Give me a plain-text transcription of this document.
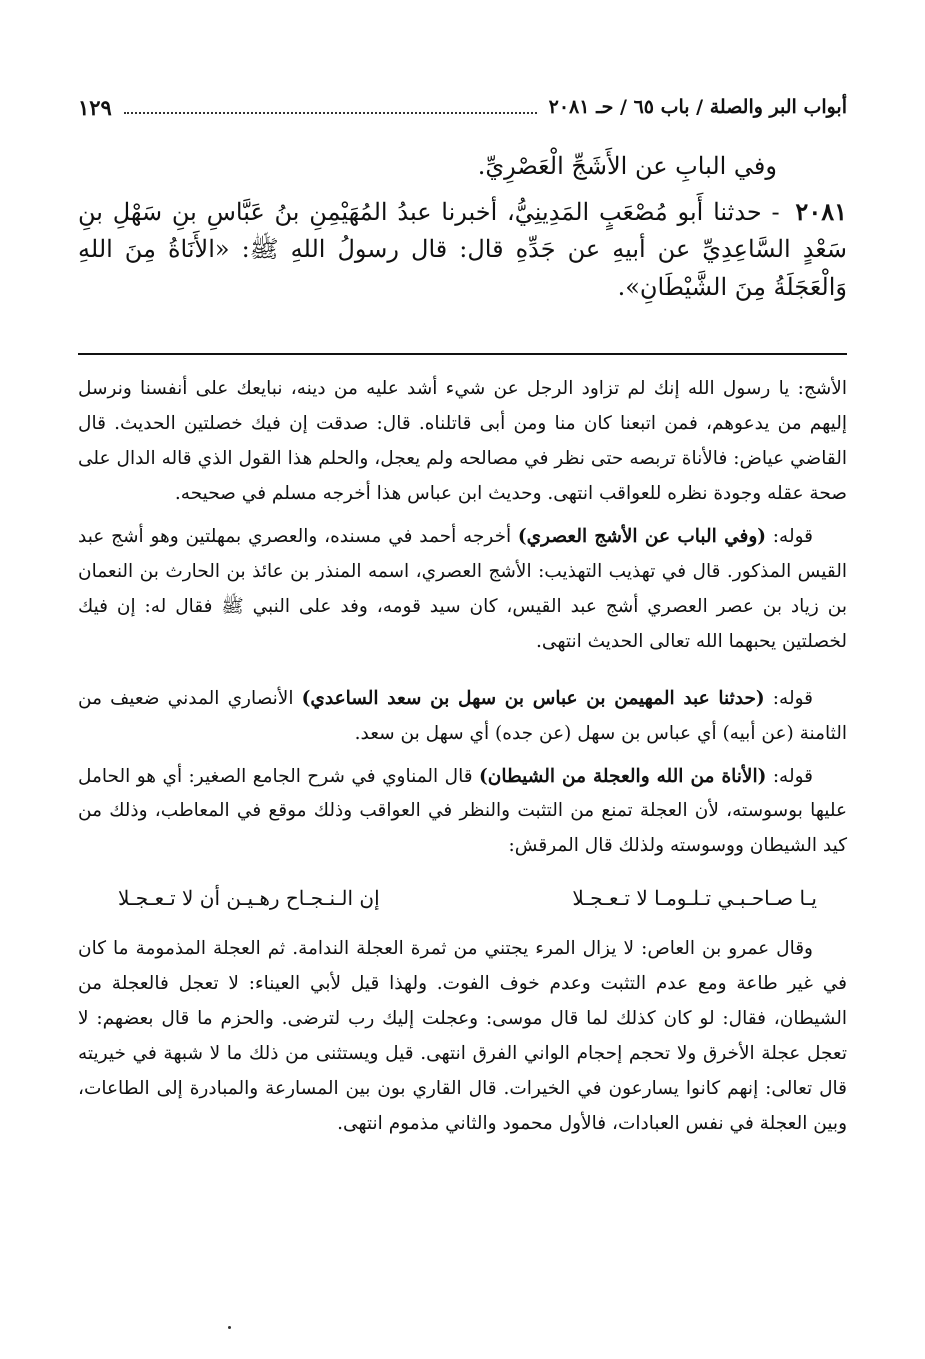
أبواب البر والصلة / باب ٦٥ / حـ ٢٠٨١
١٢٩

وفي البابِ عن الأَشَجِّ الْعَصْرِيِّ.

٢٠٨١ - حدثنا أَبو مُصْعَبٍ المَدِينِيُّ، أخبرنا عبدُ المُهَيْمِنِ بنُ عَبَّاسِ بنِ سَهْلِ بنِ سَعْدٍ السَّاعِدِيِّ عن أبيهِ عن جَدِّهِ قال: قال رسولُ اللهِ ﷺ: «الأَنَاةُ مِنَ اللهِ وَالْعَجَلَةُ مِنَ الشَّيْطَانِ».

الأشج: يا رسول الله إنك لم تزاود الرجل عن شيء أشد عليه من دينه، نبايعك على أنفسنا ونرسل إليهم من يدعوهم، فمن اتبعنا كان منا ومن أبى قاتلناه. قال: صدقت إن فيك خصلتين الحديث. قال القاضي عياض: فالأناة تربصه حتى نظر في مصالحه ولم يعجل، والحلم هذا القول الذي قاله الدال على صحة عقله وجودة نظره للعواقب انتهى. وحديث ابن عباس هذا أخرجه مسلم في صحيحه.

قوله: (وفي الباب عن الأشج العصري) أخرجه أحمد في مسنده، والعصري بمهلتين وهو أشج عبد القيس المذكور. قال في تهذيب التهذيب: الأشج العصري، اسمه المنذر بن عائذ بن الحارث بن النعمان بن زياد بن عصر العصري أشج عبد القيس، كان سيد قومه، وفد على النبي ﷺ فقال له: إن فيك لخصلتين يحبهما الله تعالى الحديث انتهى.

قوله: (حدثنا عبد المهيمن بن عباس بن سهل بن سعد الساعدي) الأنصاري المدني ضعيف من الثامنة (عن أبيه) أي عباس بن سهل (عن جده) أي سهل بن سعد.

قوله: (الأناة من الله والعجلة من الشيطان) قال المناوي في شرح الجامع الصغير: أي هو الحامل عليها بوسوسته، لأن العجلة تمنع من التثبت والنظر في العواقب وذلك موقع في المعاطب، وذلك من كيد الشيطان ووسوسته ولذلك قال المرقش:

يـا صـاحـبـي تـلـومـا لا تـعـجـلا
إن الـنـجـاح رهـيـن أن لا تـعـجـلا

وقال عمرو بن العاص: لا يزال المرء يجتني من ثمرة العجلة الندامة. ثم العجلة المذمومة ما كان في غير طاعة ومع عدم التثبت وعدم خوف الفوت. ولهذا قيل لأبي العيناء: لا تعجل فالعجلة من الشيطان، فقال: لو كان كذلك لما قال موسى: وعجلت إليك رب لترضى. والحزم ما قال بعضهم: لا تعجل عجلة الأخرق ولا تحجم إحجام الواني الفرق انتهى. قيل ويستثنى من ذلك ما لا شبهة في خيريته قال تعالى: إنهم كانوا يسارعون في الخيرات. قال القاري بون بين المسارعة والمبادرة إلى الطاعات، وبين العجلة في نفس العبادات، فالأول محمود والثاني مذموم انتهى.
